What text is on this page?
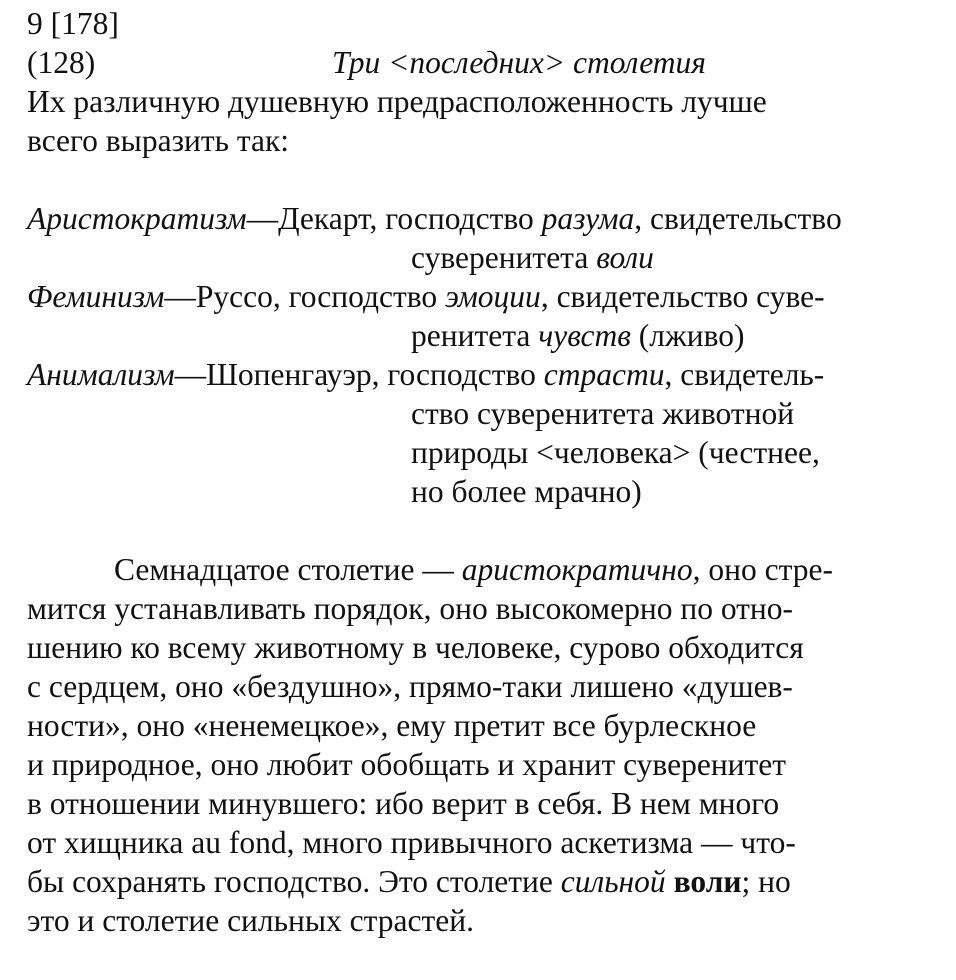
9 [178]
(128)	Три <последних> столетия
Их различную душевную предрасположенность лучше
всего выразить так:
Аристократизм—Декарт, господство разума, свидетельство
суверенитета воли
Феминизм—Руссо, господство эмоции, свидетельство суве-
ренитета чувств (лживо)
Анимализм—Шопенгауэр, господство страсти, свидетель-
ство суверенитета животной
природы <человека> (честнее,
но более мрачно)
Семнадцатое столетие — аристократично, оно стре-
мится устанавливать порядок, оно высокомерно по отно-
шению ко всему животному в человеке, сурово обходится
с сердцем, оно «бездушно», прямо-таки лишено «душев-
ности», оно «ненемецкое», ему претит все бурлескное
и природное, оно любит обобщать и хранит суверенитет
в отношении минувшего: ибо верит в себя. В нем много
от хищника au fond, много привычного аскетизма — что-
бы сохранять господство. Это столетие сильной воли; но
это и столетие сильных страстей.
